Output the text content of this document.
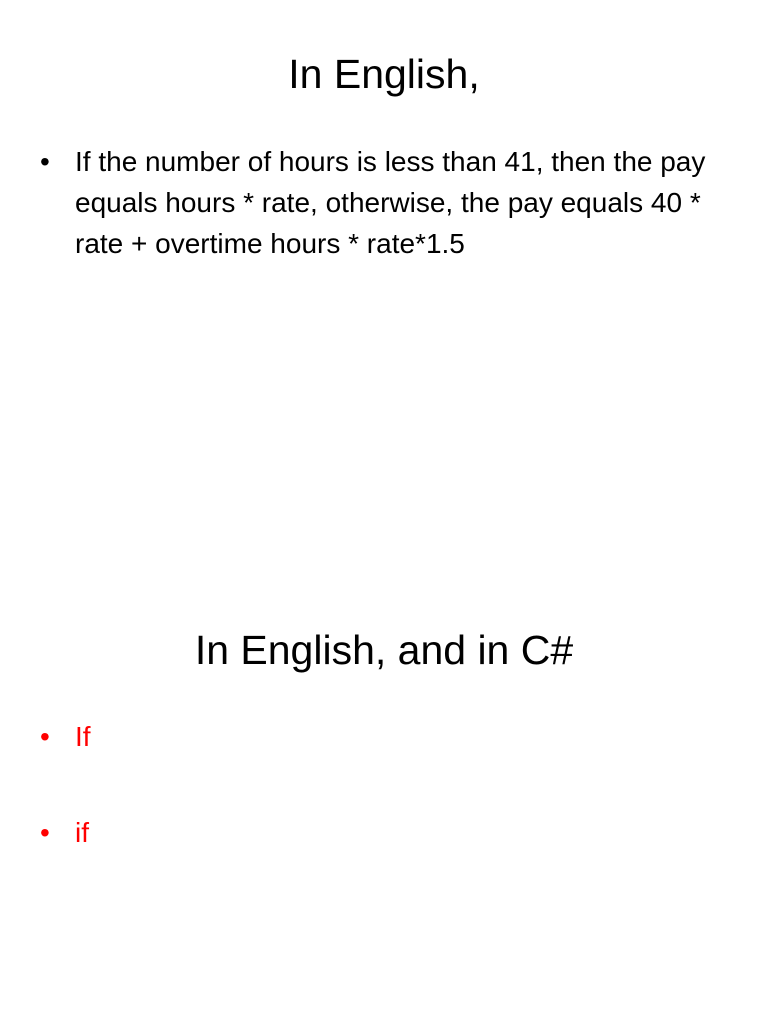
In English,
• If the number of hours is less than 41, then the pay equals hours * rate, otherwise, the pay equals 40 * rate + overtime hours * rate*1.5
In English, and in C#
• If
• if
